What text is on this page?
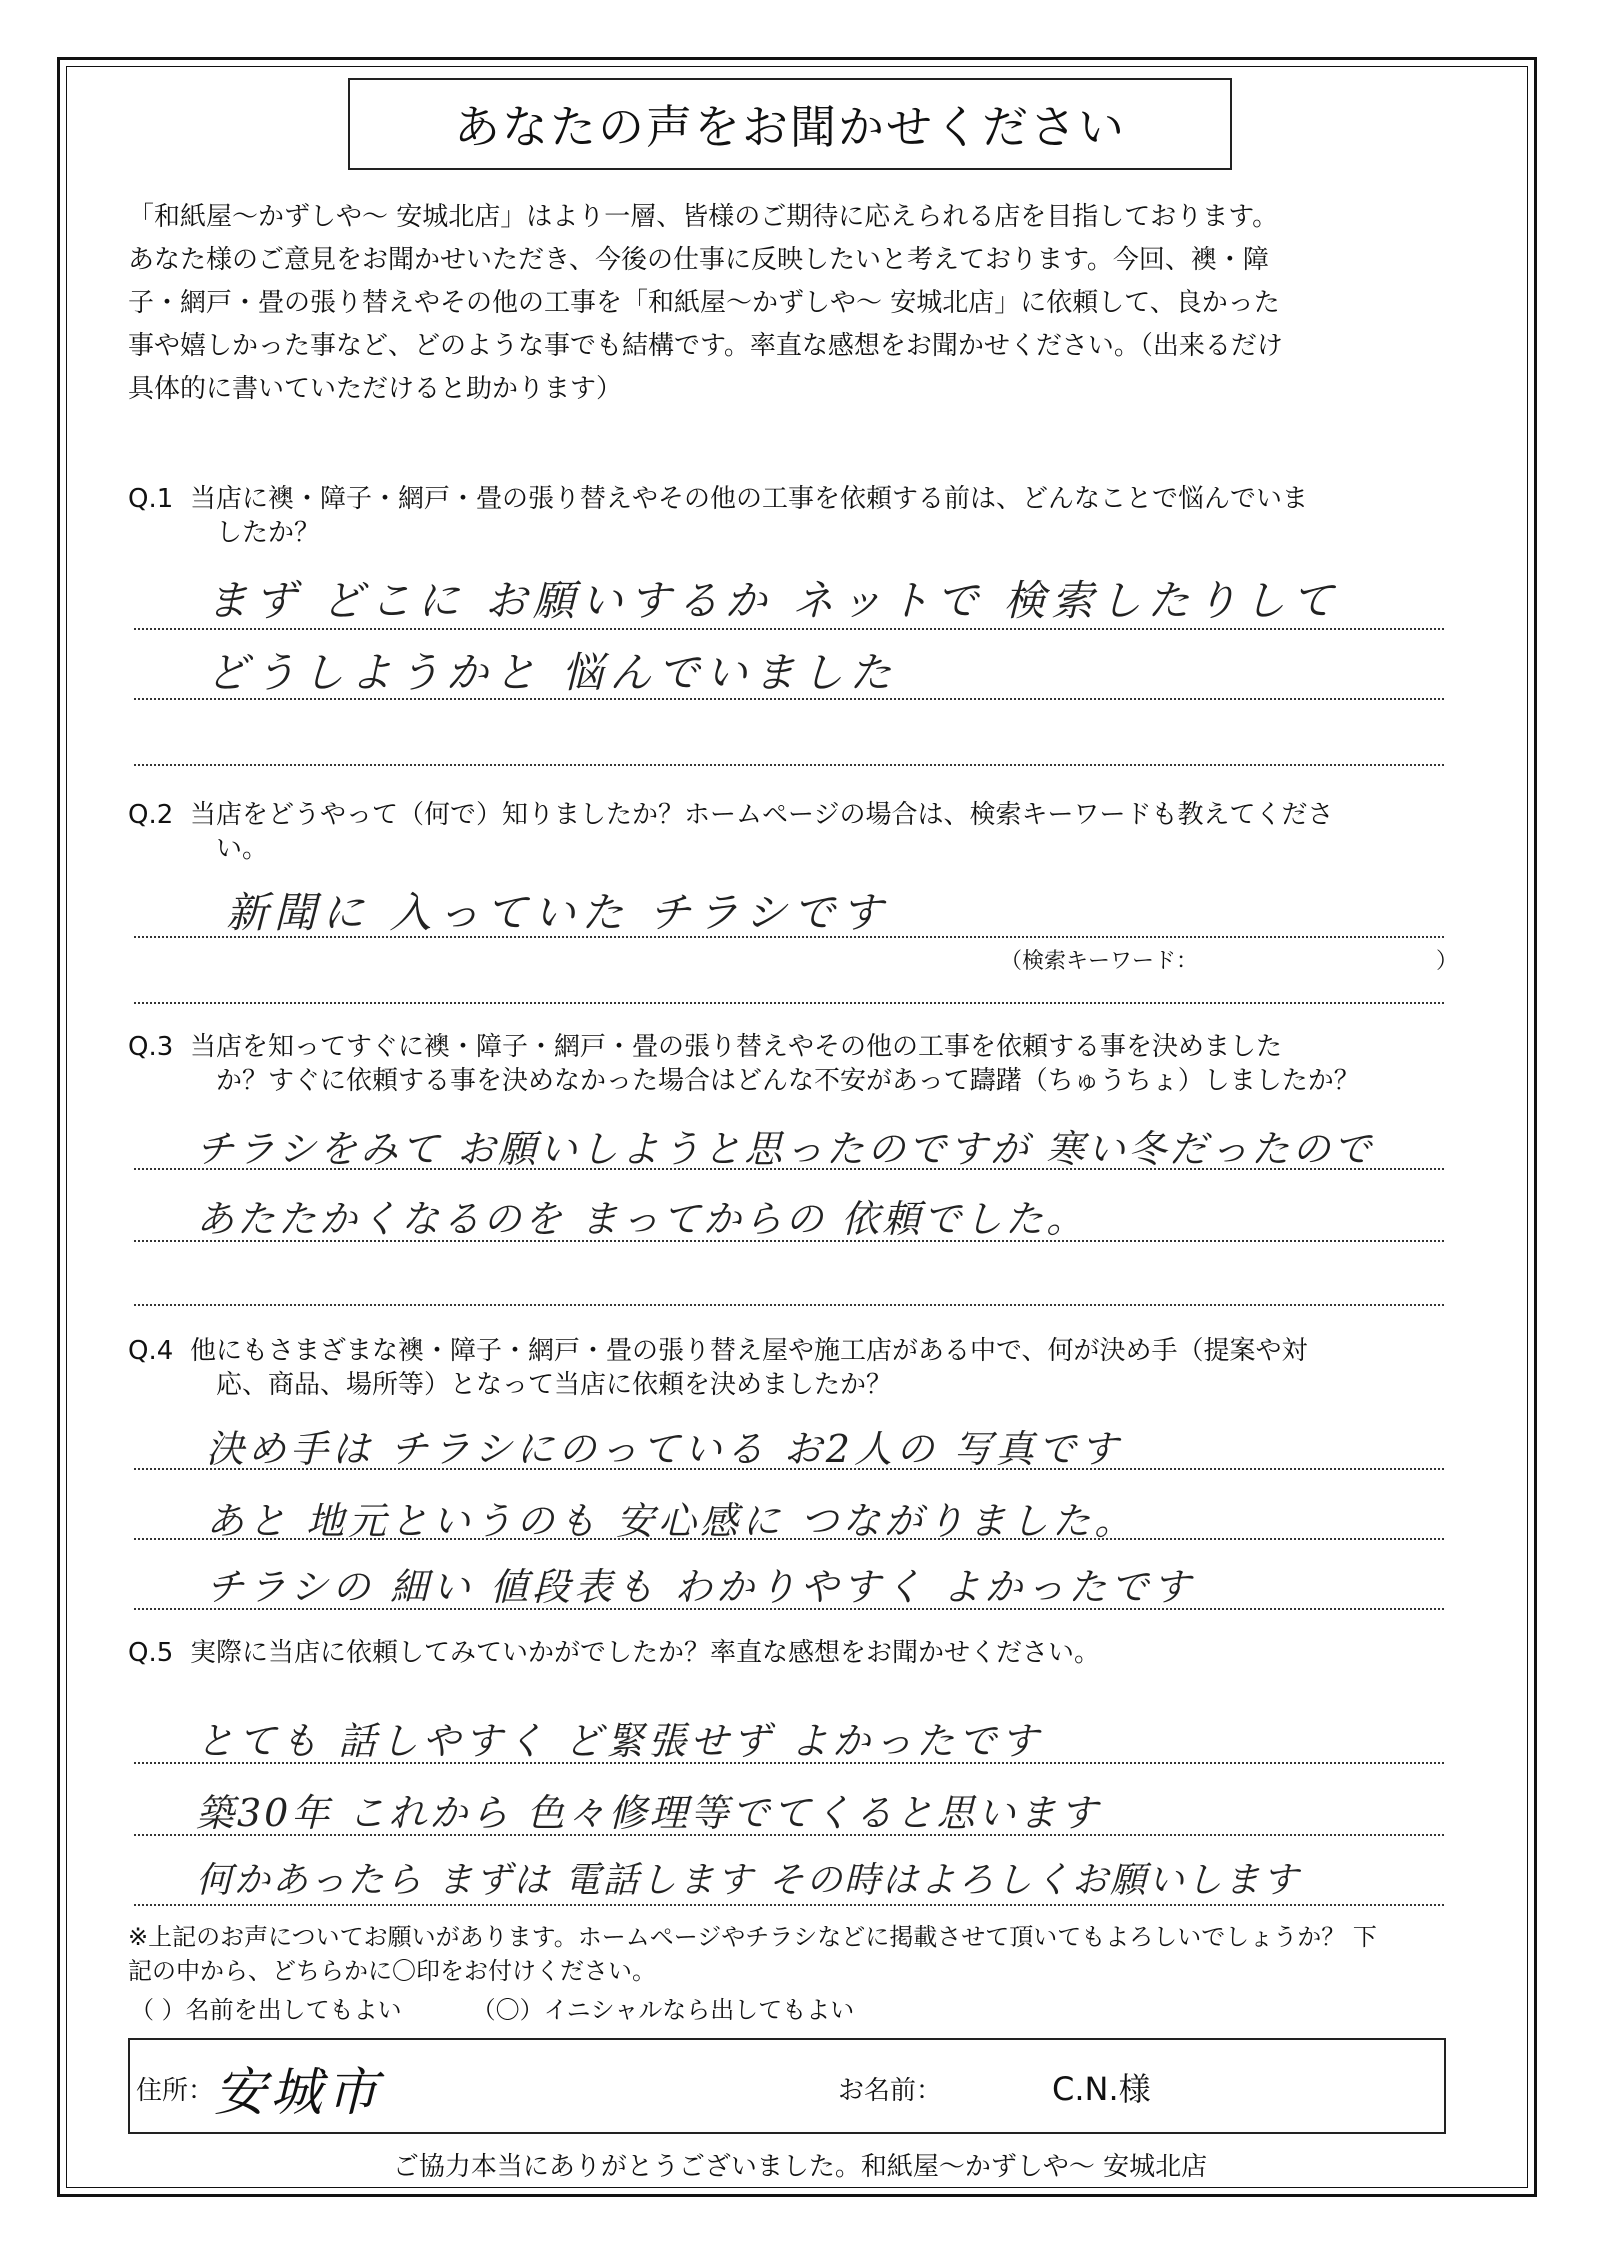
あなたの声をお聞かせください
「和紙屋〜かずしや〜 安城北店」はより一層、皆様のご期待に応えられる店を目指しております。
あなた様のご意見をお聞かせいただき、今後の仕事に反映したいと考えております。今回、襖・障
子・網戸・畳の張り替えやその他の工事を「和紙屋〜かずしや〜 安城北店」に依頼して、良かった
事や嬉しかった事など、どのような事でも結構です。率直な感想をお聞かせください。（出来るだけ
具体的に書いていただけると助かります）
Q.1 当店に襖・障子・網戸・畳の張り替えやその他の工事を依頼する前は、どんなことで悩んでいま
したか？
まず どこに お願いするか ネットで 検索したりして
どうしようかと 悩んでいました
Q.2 当店をどうやって（何で）知りましたか？ホームページの場合は、検索キーワードも教えてくださ
い。
新聞に 入っていた チラシです
（検索キーワード：	）
Q.3 当店を知ってすぐに襖・障子・網戸・畳の張り替えやその他の工事を依頼する事を決めました
か？すぐに依頼する事を決めなかった場合はどんな不安があって躊躇（ちゅうちょ）しましたか？
チラシをみて お願いしようと思ったのですが 寒い冬だったので
あたたかくなるのを まってからの 依頼でした。
Q.4 他にもさまざまな襖・障子・網戸・畳の張り替え屋や施工店がある中で、何が決め手（提案や対
応、商品、場所等）となって当店に依頼を決めましたか？
決め手は チラシにのっている お2人の 写真です
あと 地元というのも 安心感に つながりました。
チラシの 細い 値段表も わかりやすく よかったです
Q.5 実際に当店に依頼してみていかがでしたか？率直な感想をお聞かせください。
とても 話しやすく ど緊張せず よかったです
築30年 これから 色々修理等でてくると思います
何かあったら まずは 電話します その時はよろしくお願いします
※上記のお声についてお願いがあります。ホームページやチラシなどに掲載させて頂いてもよろしいでしょうか？ 下
記の中から、どちらかに〇印をお付けください。
（ ）名前を出してもよい	（〇）イニシャルなら出してもよい
住所： 安城市	お名前：	C.N.様
ご協力本当にありがとうございました。和紙屋〜かずしや〜 安城北店
